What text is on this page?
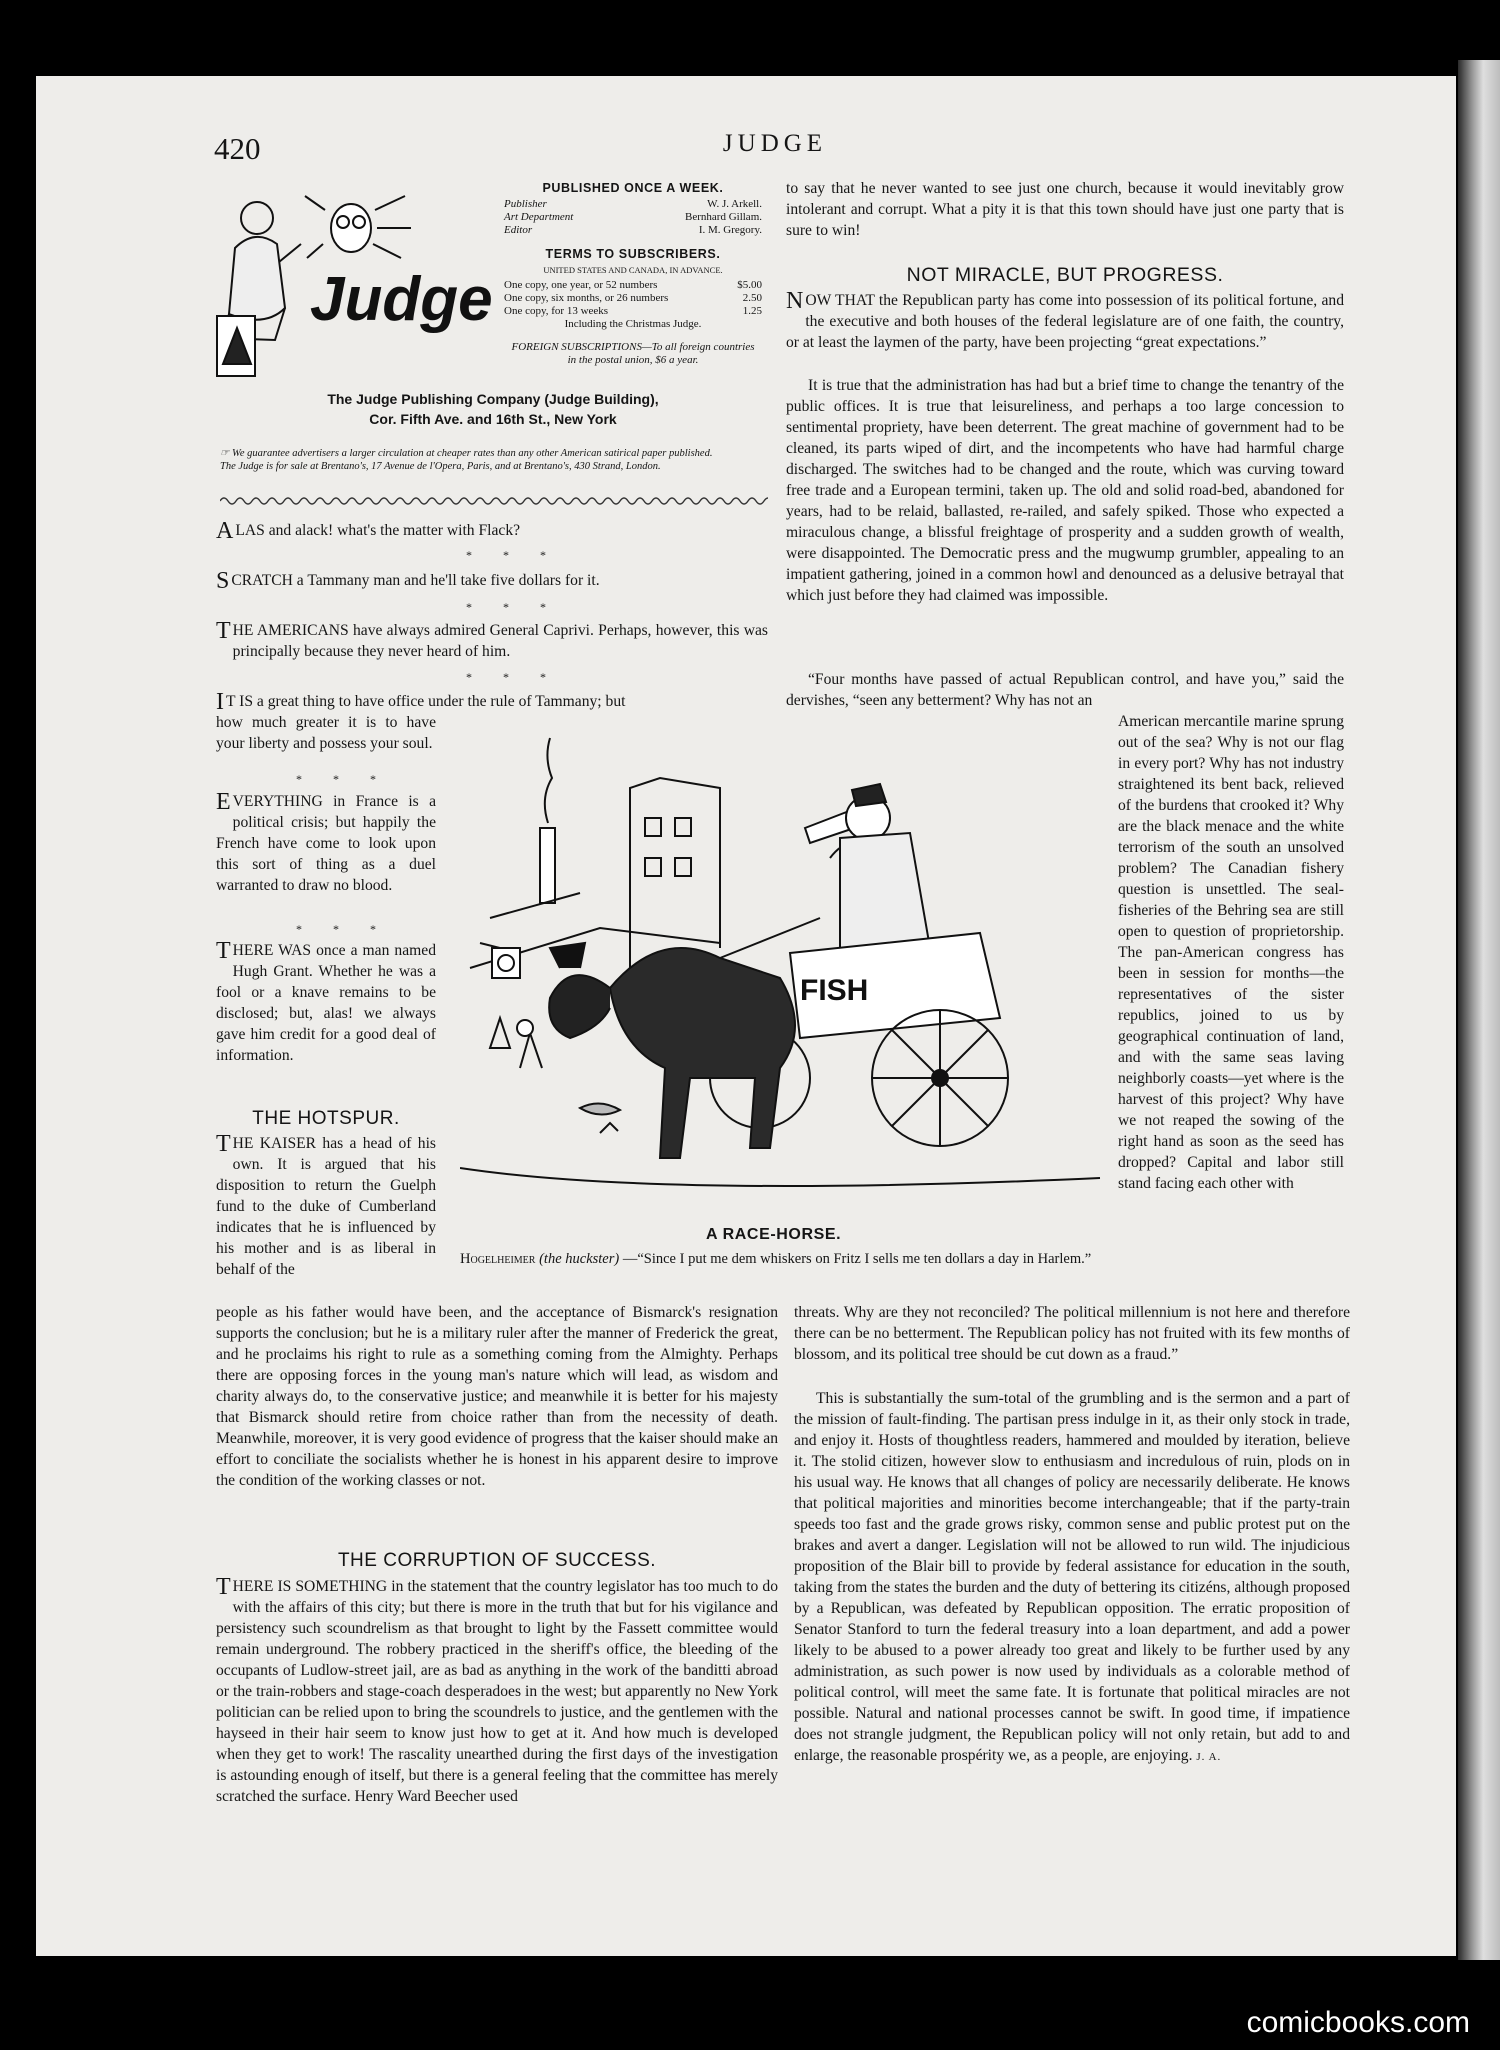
420	JUDGE
Judge
PUBLISHED ONCE A WEEK.
Publisher	W. J. Arkell.
Art Department	Bernhard Gillam.
Editor	I. M. Gregory.
TERMS TO SUBSCRIBERS.
UNITED STATES AND CANADA, IN ADVANCE.
One copy, one year, or 52 numbers	$5.00
One copy, six months, or 26 numbers	2.50
One copy, for 13 weeks	1.25
Including the Christmas Judge.
FOREIGN SUBSCRIPTIONS—To all foreign countries in the postal union, $6 a year.
The Judge Publishing Company (Judge Building),
Cor. Fifth Ave. and 16th St., New York
☞ We guarantee advertisers a larger circulation at cheaper rates than any other American satirical paper published.
The Judge is for sale at Brentano's, 17 Avenue de l'Opera, Paris, and at Brentano's, 430 Strand, London.
ALAS and alack! what's the matter with Flack?
* * *
SCRATCH a Tammany man and he'll take five dollars for it.
* * *
THE AMERICANS have always admired General Caprivi. Perhaps, however, this was principally because they never heard of him.
* * *
I T IS a great thing to have office under the rule of Tammany; but
how much greater it is to have your liberty and possess your soul.
* * *
EVERYTHING in France is a political crisis; but happily the French have come to look upon this sort of thing as a duel warranted to draw no blood.
* * *
THERE WAS once a man named Hugh Grant. Whether he was a fool or a knave remains to be disclosed; but, alas! we always gave him credit for a good deal of information.
THE HOTSPUR.
THE KAISER has a head of his own. It is argued that his disposition to return the Guelph fund to the duke of Cumberland indicates that he is influenced by his mother and is as liberal in behalf of the
people as his father would have been, and the acceptance of Bismarck's resignation supports the conclusion; but he is a military ruler after the manner of Frederick the great, and he proclaims his right to rule as a something coming from the Almighty. Perhaps there are opposing forces in the young man's nature which will lead, as wisdom and charity always do, to the conservative justice; and meanwhile it is better for his majesty that Bismarck should retire from choice rather than from the necessity of death. Meanwhile, moreover, it is very good evidence of progress that the kaiser should make an effort to conciliate the socialists whether he is honest in his apparent desire to improve the condition of the working classes or not.
THE CORRUPTION OF SUCCESS.
THERE IS SOMETHING in the statement that the country legislator has too much to do with the affairs of this city; but there is more in the truth that but for his vigilance and persistency such scoundrelism as that brought to light by the Fassett committee would remain underground. The robbery practiced in the sheriff's office, the bleeding of the occupants of Ludlow-street jail, are as bad as anything in the work of the banditti abroad or the train-robbers and stage-coach desperadoes in the west; but apparently no New York politician can be relied upon to bring the scoundrels to justice, and the gentlemen with the hayseed in their hair seem to know just how to get at it. And how much is developed when they get to work! The rascality unearthed during the first days of the investigation is astounding enough of itself, but there is a general feeling that the committee has merely scratched the surface. Henry Ward Beecher used
to say that he never wanted to see just one church, because it would inevitably grow intolerant and corrupt. What a pity it is that this town should have just one party that is sure to win!
NOT MIRACLE, BUT PROGRESS.
NOW THAT the Republican party has come into possession of its political fortune, and the executive and both houses of the federal legislature are of one faith, the country, or at least the laymen of the party, have been projecting “great expectations.”
It is true that the administration has had but a brief time to change the tenantry of the public offices. It is true that leisureliness, and perhaps a too large concession to sentimental propriety, have been deterrent. The great machine of government had to be cleaned, its parts wiped of dirt, and the incompetents who have had harmful charge discharged. The switches had to be changed and the route, which was curving toward free trade and a European termini, taken up. The old and solid road-bed, abandoned for years, had to be relaid, ballasted, re-railed, and safely spiked. Those who expected a miraculous change, a blissful freightage of prosperity and a sudden growth of wealth, were disappointed. The Democratic press and the mugwump grumbler, appealing to an impatient gathering, joined in a common howl and denounced as a delusive betrayal that which just before they had claimed was impossible.
“Four months have passed of actual Republican control, and have you,” said the dervishes, “seen any betterment? Why has not an
American mercantile marine sprung out of the sea? Why is not our flag in every port? Why has not industry straightened its bent back, relieved of the burdens that crooked it? Why are the black menace and the white terrorism of the south an unsolved problem? The Canadian fishery question is unsettled. The seal-fisheries of the Behring sea are still open to question of proprietorship. The pan-American congress has been in session for months—the representatives of the sister republics, joined to us by geographical continuation of land, and with the same seas laving neighborly coasts—yet where is the harvest of this project? Why have we not reaped the sowing of the right hand as soon as the seed has dropped? Capital and labor still stand facing each other with
threats. Why are they not reconciled? The political millennium is not here and therefore there can be no betterment. The Republican policy has not fruited with its few months of blossom, and its political tree should be cut down as a fraud.”
This is substantially the sum-total of the grumbling and is the sermon and a part of the mission of fault-finding. The partisan press indulge in it, as their only stock in trade, and enjoy it. Hosts of thoughtless readers, hammered and moulded by iteration, believe it. The stolid citizen, however slow to enthusiasm and incredulous of ruin, plods on in his usual way. He knows that all changes of policy are necessarily deliberate. He knows that political majorities and minorities become interchangeable; that if the party-train speeds too fast and the grade grows risky, common sense and public protest put on the brakes and avert a danger. Legislation will not be allowed to run wild. The injudicious proposition of the Blair bill to provide by federal assistance for education in the south, taking from the states the burden and the duty of bettering its citizéns, although proposed by a Republican, was defeated by Republican opposition. The erratic proposition of Senator Stanford to turn the federal treasury into a loan department, and add a power likely to be abused to a power already too great and likely to be further used by any administration, as such power is now used by individuals as a colorable method of political control, will meet the same fate. It is fortunate that political miracles are not possible. Natural and national processes cannot be swift. In good time, if impatience does not strangle judgment, the Republican policy will not only retain, but add to and enlarge, the reasonable prospérity we, as a people, are enjoying. J. A.
FISH
A RACE-HORSE.
Hogelheimer (the huckster) —“Since I put me dem whiskers on Fritz I sells me ten dollars a day in Harlem.”
comicbooks.com
